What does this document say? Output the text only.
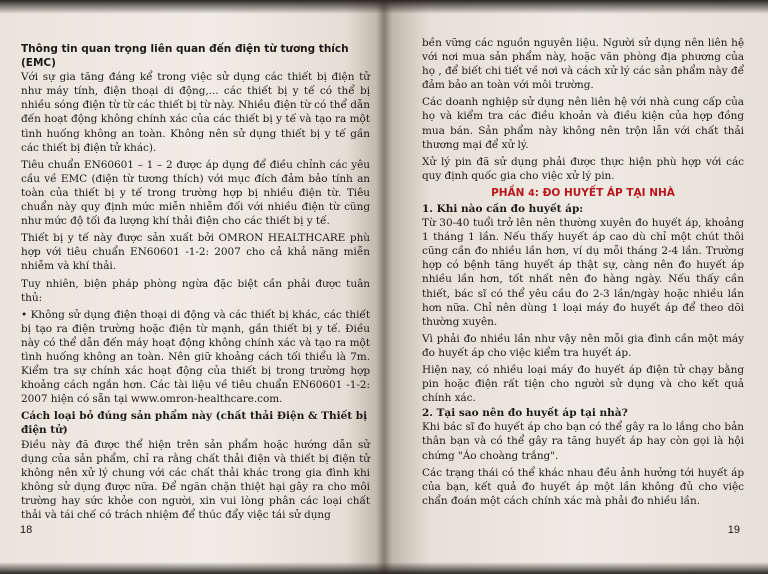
Thông tin quan trọng liên quan đến điện từ tương thích (EMC)

Với sự gia tăng đáng kể trong việc sử dụng các thiết bị điện tử như máy tính, điện thoại di động,... các thiết bị y tế có thể bị nhiều sóng điện từ từ các thiết bị từ này. Nhiều điện từ có thể dẫn đến hoạt động không chính xác của các thiết bị y tế và tạo ra một tình huống không an toàn. Không nên sử dụng thiết bị y tế gần các thiết bị điện tử khác).

Tiêu chuẩn EN60601 – 1 – 2 được áp dụng để điều chỉnh các yêu cầu về EMC (điện từ tương thích) với mục đích đảm bảo tính an toàn của thiết bị y tế trong trường hợp bị nhiều điện từ. Tiêu chuẩn này quy định mức miễn nhiễm đối với nhiều điện từ cũng như mức độ tối đa lượng khí thải điện cho các thiết bị y tế.

Thiết bị y tế này được sản xuất bởi OMRON HEALTHCARE phù hợp với tiêu chuẩn EN60601 -1-2: 2007 cho cả khả năng miễn nhiễm và khí thải.

Tuy nhiên, biện pháp phòng ngừa đặc biệt cần phải được tuân thủ:

• Không sử dụng điện thoại di động và các thiết bị khác, các thiết bị tạo ra điện trường hoặc điện từ mạnh, gần thiết bị y tế. Điều này có thể dẫn đến máy hoạt động không chính xác và tạo ra một tình huống không an toàn. Nên giữ khoảng cách tối thiểu là 7m. Kiểm tra sự chính xác hoạt động của thiết bị trong trường hợp khoảng cách ngắn hơn. Các tài liệu về tiêu chuẩn EN60601 -1-2: 2007 hiện có sẵn tại www.omron-healthcare.com.

Cách loại bỏ đúng sản phẩm này (chất thải Điện & Thiết bị điện tử)

Điều này đã được thể hiện trên sản phẩm hoặc hướng dẫn sử dụng của sản phẩm, chỉ ra rằng chất thải điện và thiết bị điện tử không nên xử lý chung với các chất thải khác trong gia đình khi không sử dụng được nữa. Để ngăn chặn thiệt hại gây ra cho môi trường hay sức khỏe con người, xin vui lòng phân các loại chất thải và tái chế có trách nhiệm để thúc đẩy việc tái sử dụng

18

bền vững các nguồn nguyên liệu. Người sử dụng nên liên hệ với nơi mua sản phẩm này, hoặc văn phòng địa phương của họ , để biết chi tiết về nơi và cách xử lý các sản phẩm này để đảm bảo an toàn với môi trường.

Các doanh nghiệp sử dụng nên liên hệ với nhà cung cấp của họ và kiểm tra các điều khoản và điều kiện của hợp đồng mua bán. Sản phẩm này không nên trộn lẫn với chất thải thương mại để xử lý.

Xử lý pin đã sử dụng phải được thực hiện phù hợp với các quy định quốc gia cho việc xử lý pin.

PHẦN 4: ĐO HUYẾT ÁP TẠI NHÀ
1. Khi nào cần đo huyết áp:

Từ 30-40 tuổi trở lên nên thường xuyên đo huyết áp, khoảng 1 tháng 1 lần. Nếu thấy huyết áp cao dù chỉ một chút thôi cũng cần đo nhiều lần hơn, ví dụ mỗi tháng 2-4 lần. Trường hợp có bệnh tăng huyết áp thật sự, càng nên đo huyết áp nhiều lần hơn, tốt nhất nên đo hàng ngày. Nếu thấy cần thiết, bác sĩ có thể yêu cầu đo 2-3 lần/ngày hoặc nhiều lần hơn nữa. Chỉ nên dùng 1 loại máy đo huyết áp để theo dõi thường xuyên.

Vì phải đo nhiều lần như vậy nên mỗi gia đình cần một máy đo huyết áp cho việc kiểm tra huyết áp.

Hiện nay, có nhiều loại máy đo huyết áp điện tử chạy bằng pin hoặc điện rất tiện cho người sử dụng và cho kết quả chính xác.

2. Tại sao nên đo huyết áp tại nhà?

Khi bác sĩ đo huyết áp cho bạn có thể gây ra lo lắng cho bản thân bạn và có thể gây ra tăng huyết áp hay còn gọi là hội chứng "Áo choàng trắng".

Các trạng thái có thể khác nhau đều ảnh hưởng tới huyết áp của bạn, kết quả đo huyết áp một lần không đủ cho việc chẩn đoán một cách chính xác mà phải đo nhiều lần.

19
